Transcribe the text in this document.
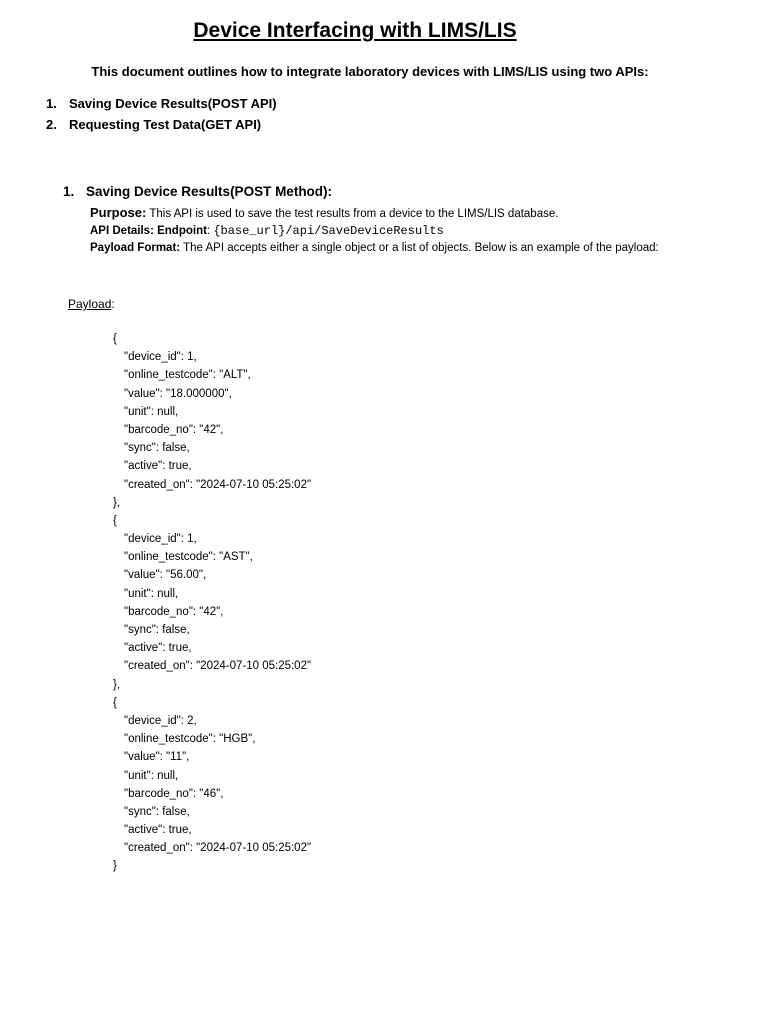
Device Interfacing with LIMS/LIS
This document outlines how to integrate laboratory devices with LIMS/LIS using two APIs:
1. Saving Device Results(POST API)
2. Requesting Test Data(GET API)
1. Saving Device Results(POST Method):
Purpose: This API is used to save the test results from a device to the LIMS/LIS database.
API Details: Endpoint: {base_url}/api/SaveDeviceResults
Payload Format: The API accepts either a single object or a list of objects. Below is an example of the payload:
Payload:
{
"device_id": 1,
"online_testcode": "ALT",
"value": "18.000000",
"unit": null,
"barcode_no": "42",
"sync": false,
"active": true,
"created_on": "2024-07-10 05:25:02"
},
{
"device_id": 1,
"online_testcode": "AST",
"value": "56.00",
"unit": null,
"barcode_no": "42",
"sync": false,
"active": true,
"created_on": "2024-07-10 05:25:02"
},
{
"device_id": 2,
"online_testcode": "HGB",
"value": "11",
"unit": null,
"barcode_no": "46",
"sync": false,
"active": true,
"created_on": "2024-07-10 05:25:02"
}
